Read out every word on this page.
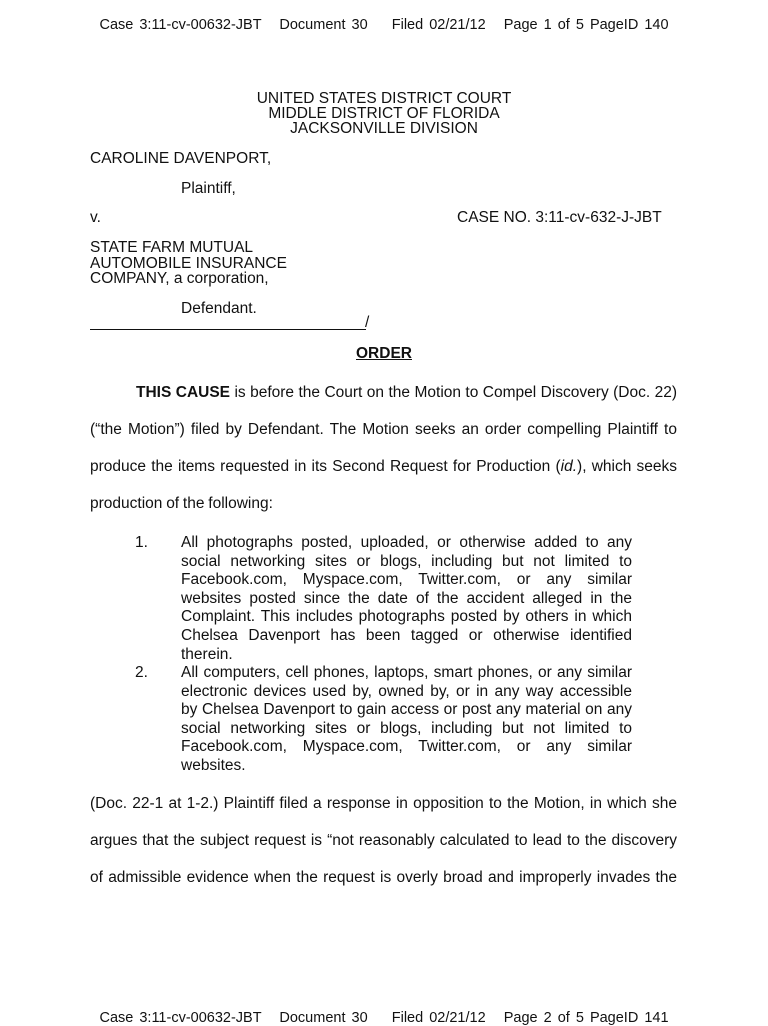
Case 3:11-cv-00632-JBT   Document 30    Filed 02/21/12   Page 1 of 5 PageID 140
UNITED STATES DISTRICT COURT
MIDDLE DISTRICT OF FLORIDA
JACKSONVILLE DIVISION
CAROLINE DAVENPORT,
Plaintiff,
v.	CASE NO. 3:11-cv-632-J-JBT
STATE FARM MUTUAL
AUTOMOBILE INSURANCE
COMPANY, a corporation,
Defendant.
/
ORDER
THIS CAUSE is before the Court on the Motion to Compel Discovery (Doc. 22)
(“the Motion”) filed by Defendant. The Motion seeks an order compelling Plaintiff to
produce the items requested in its Second Request for Production (id.), which seeks
production of the following:
1. All photographs posted, uploaded, or otherwise added to any
social networking sites or blogs, including but not limited to
Facebook.com, Myspace.com, Twitter.com, or any similar
websites posted since the date of the accident alleged in the
Complaint. This includes photographs posted by others in which
Chelsea Davenport has been tagged or otherwise identified
therein.
2. All computers, cell phones, laptops, smart phones, or any similar
electronic devices used by, owned by, or in any way accessible
by Chelsea Davenport to gain access or post any material on any
social networking sites or blogs, including but not limited to
Facebook.com, Myspace.com, Twitter.com, or any similar
websites.
(Doc. 22-1 at 1-2.) Plaintiff filed a response in opposition to the Motion, in which she
argues that the subject request is “not reasonably calculated to lead to the discovery
of admissible evidence when the request is overly broad and improperly invades the
Case 3:11-cv-00632-JBT   Document 30    Filed 02/21/12   Page 2 of 5 PageID 141
